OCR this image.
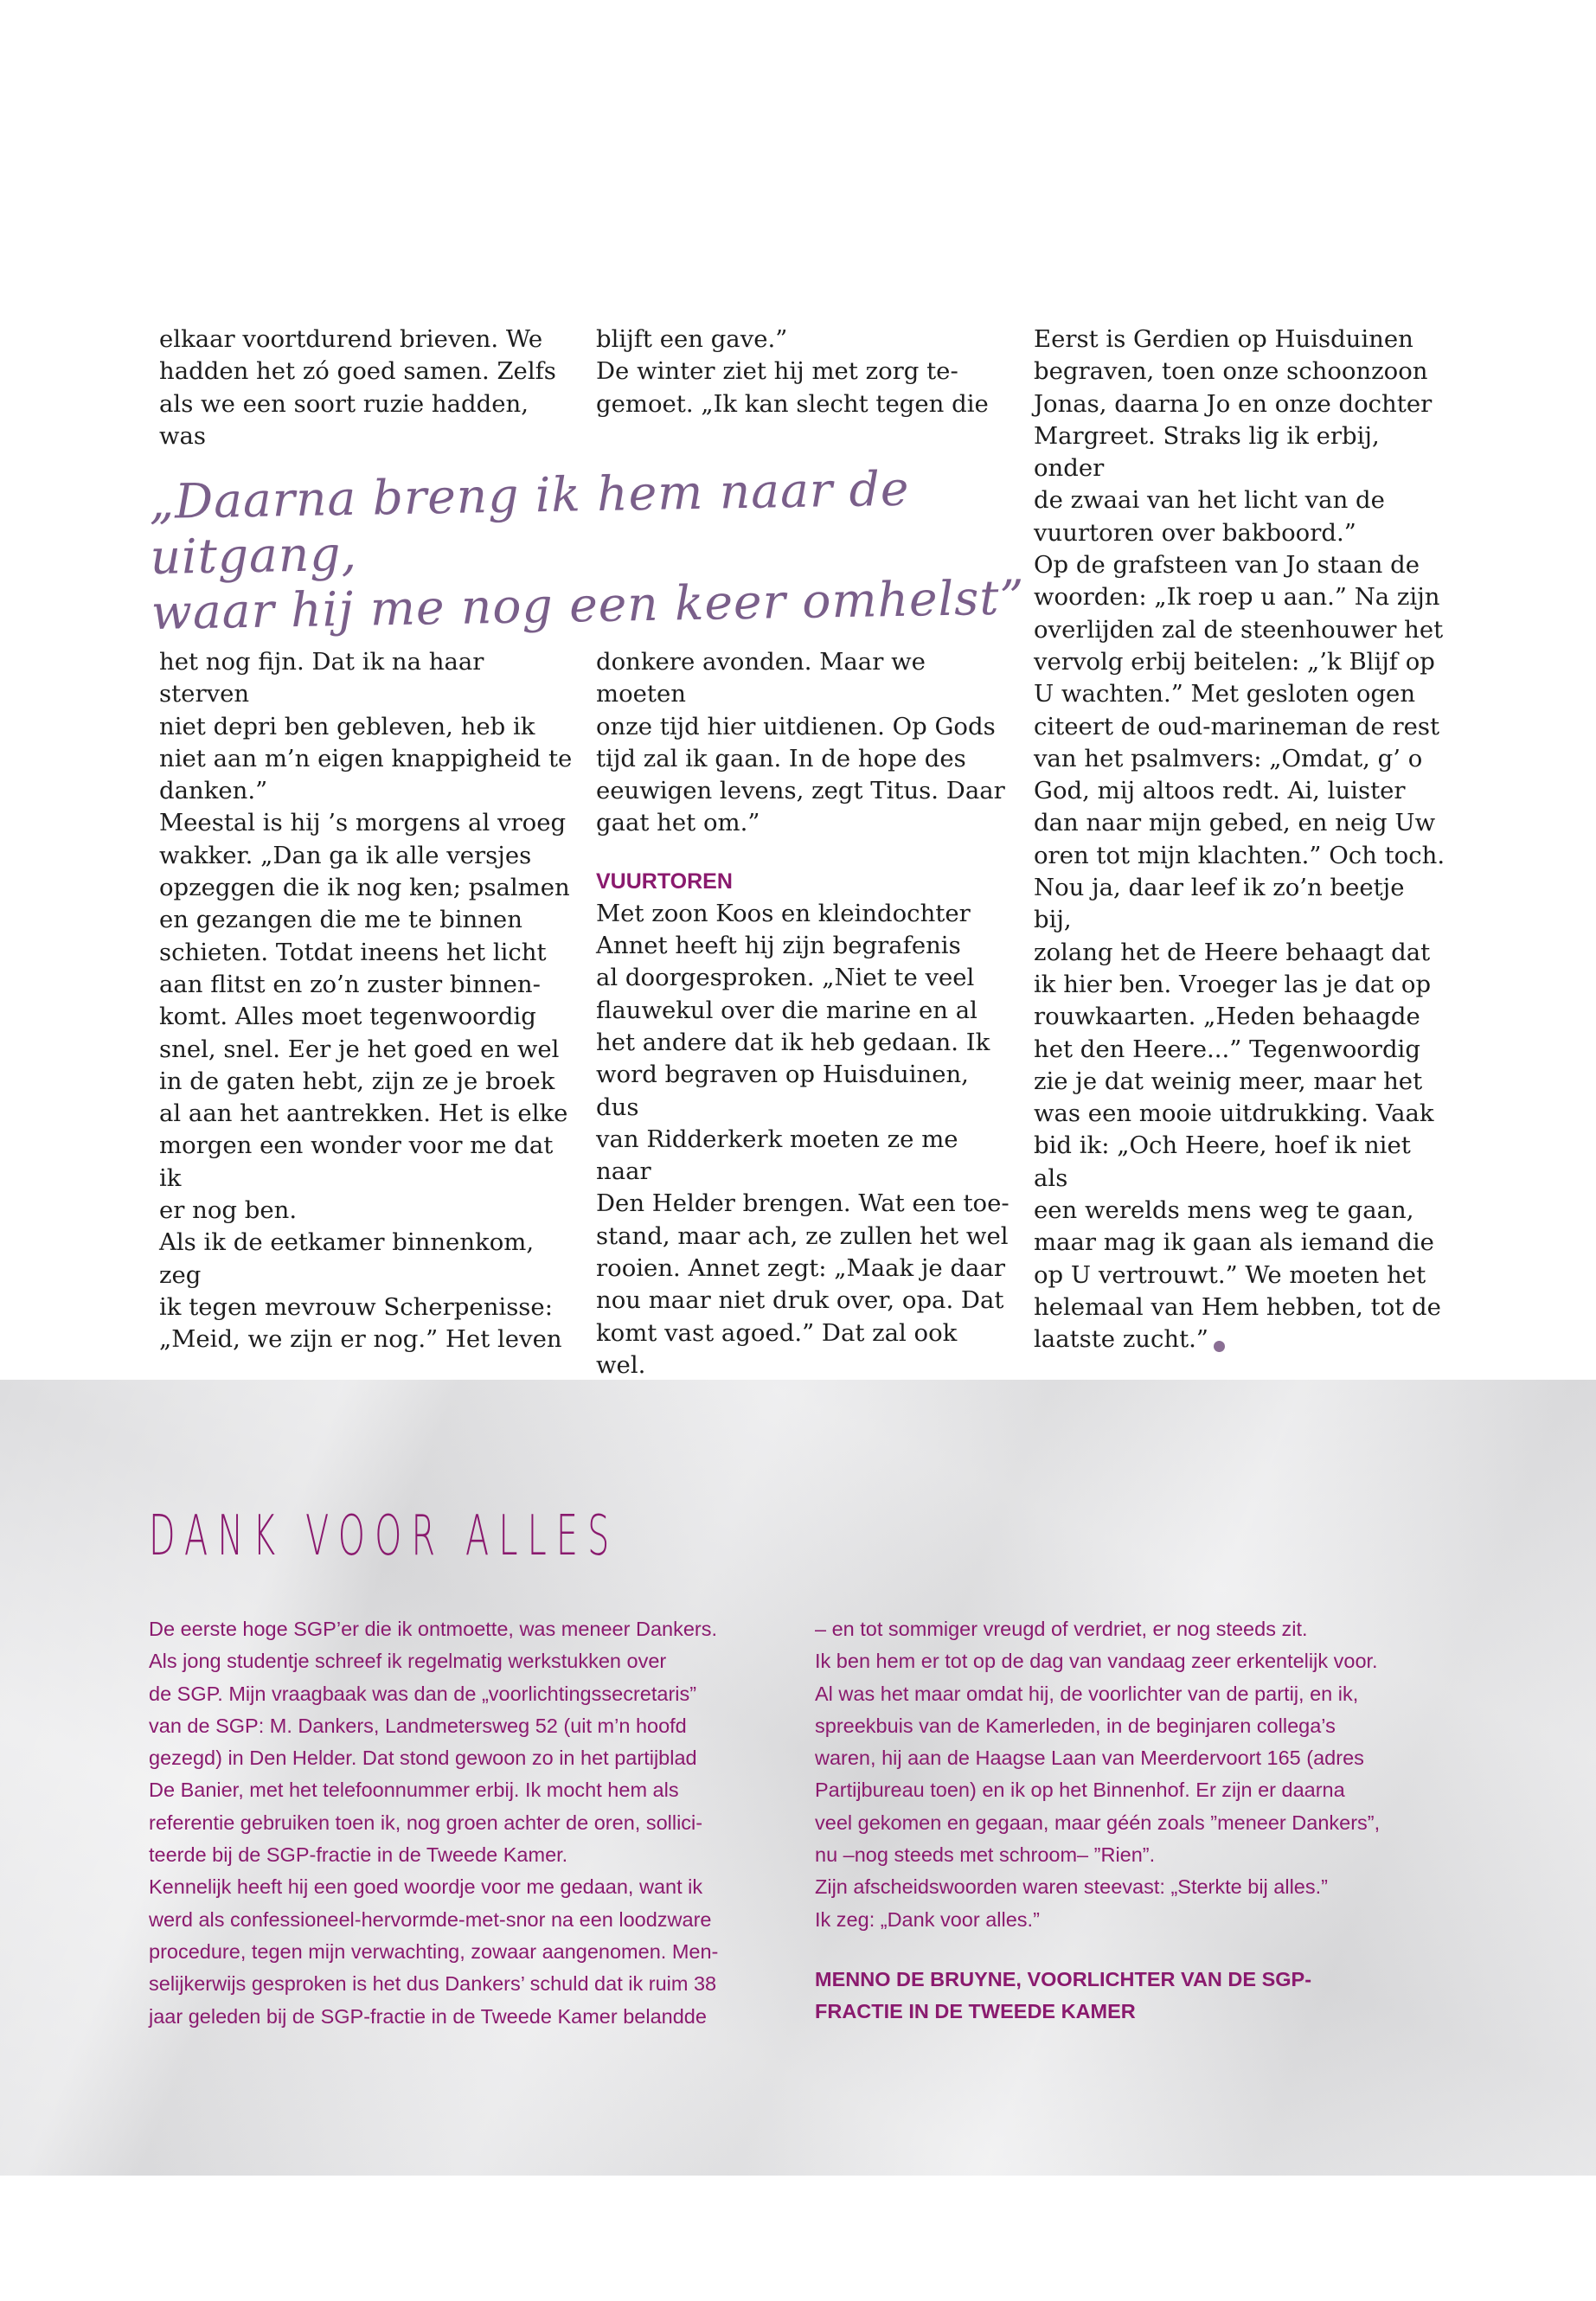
elkaar voortdurend brieven. We

hadden het zó goed samen. Zelfs

als we een soort ruzie hadden, was

blijft een gave.”

De winter ziet hij met zorg te-

gemoet. „Ik kan slecht tegen die

„Daarna breng ik hem naar de uitgang,
waar hij me nog een keer omhelst”

het nog fijn. Dat ik na haar sterven

niet depri ben gebleven, heb ik

niet aan m’n eigen knappigheid te

danken.”

Meestal is hij ’s morgens al vroeg

wakker. „Dan ga ik alle versjes

opzeggen die ik nog ken; psalmen

en gezangen die me te binnen

schieten. Totdat ineens het licht

aan flitst en zo’n zuster binnen-

komt. Alles moet tegenwoordig

snel, snel. Eer je het goed en wel

in de gaten hebt, zijn ze je broek

al aan het aantrekken. Het is elke

morgen een wonder voor me dat ik

er nog ben.

Als ik de eetkamer binnenkom, zeg

ik tegen mevrouw Scherpenisse:

„Meid, we zijn er nog.” Het leven

donkere avonden. Maar we moeten

onze tijd hier uitdienen. Op Gods

tijd zal ik gaan. In de hope des

eeuwigen levens, zegt Titus. Daar

gaat het om.”

VUURTOREN

Met zoon Koos en kleindochter

Annet heeft hij zijn begrafenis

al doorgesproken. „Niet te veel

flauwekul over die marine en al

het andere dat ik heb gedaan. Ik

word begraven op Huisduinen, dus

van Ridderkerk moeten ze me naar

Den Helder brengen. Wat een toe-

stand, maar ach, ze zullen het wel

rooien. Annet zegt: „Maak je daar

nou maar niet druk over, opa. Dat

komt vast agoed.” Dat zal ook wel.

Eerst is Gerdien op Huisduinen

begraven, toen onze schoonzoon

Jonas, daarna Jo en onze dochter

Margreet. Straks lig ik erbij, onder

de zwaai van het licht van de

vuurtoren over bakboord.”

Op de grafsteen van Jo staan de

woorden: „Ik roep u aan.” Na zijn

overlijden zal de steenhouwer het

vervolg erbij beitelen: „’k Blijf op

U wachten.” Met gesloten ogen

citeert de oud-marineman de rest

van het psalmvers: „Omdat, g’ o

God, mij altoos redt. Ai, luister

dan naar mijn gebed, en neig Uw

oren tot mijn klachten.” Och toch.

Nou ja, daar leef ik zo’n beetje bij,

zolang het de Heere behaagt dat

ik hier ben. Vroeger las je dat op

rouwkaarten. „Heden behaagde

het den Heere...” Tegenwoordig

zie je dat weinig meer, maar het

was een mooie uitdrukking. Vaak

bid ik: „Och Heere, hoef ik niet als

een werelds mens weg te gaan,

maar mag ik gaan als iemand die

op U vertrouwt.” We moeten het

helemaal van Hem hebben, tot de

laatste zucht.”

DANK VOOR ALLES

De eerste hoge SGP’er die ik ontmoette, was meneer Dankers.

Als jong studentje schreef ik regelmatig werkstukken over

de SGP. Mijn vraagbaak was dan de „voorlichtingssecretaris”

van de SGP: M. Dankers, Landmetersweg 52 (uit m’n hoofd

gezegd) in Den Helder. Dat stond gewoon zo in het partijblad

De Banier, met het telefoonnummer erbij. Ik mocht hem als

referentie gebruiken toen ik, nog groen achter de oren, sollici-

teerde bij de SGP-fractie in de Tweede Kamer.

Kennelijk heeft hij een goed woordje voor me gedaan, want ik

werd als confessioneel-hervormde-met-snor na een loodzware

procedure, tegen mijn verwachting, zowaar aangenomen. Men-

selijkerwijs gesproken is het dus Dankers’ schuld dat ik ruim 38

jaar geleden bij de SGP-fractie in de Tweede Kamer belandde

– en tot sommiger vreugd of verdriet, er nog steeds zit.

Ik ben hem er tot op de dag van vandaag zeer erkentelijk voor.

Al was het maar omdat hij, de voorlichter van de partij, en ik,

spreekbuis van de Kamerleden, in de beginjaren collega’s

waren, hij aan de Haagse Laan van Meerdervoort 165 (adres

Partijbureau toen) en ik op het Binnenhof. Er zijn er daarna

veel gekomen en gegaan, maar géén zoals ”meneer Dankers”,

nu –nog steeds met schroom– ”Rien”.

Zijn afscheidswoorden waren steevast: „Sterkte bij alles.”

Ik zeg: „Dank voor alles.”

MENNO DE BRUYNE, VOORLICHTER VAN DE SGP-FRACTIE IN DE TWEEDE KAMER
